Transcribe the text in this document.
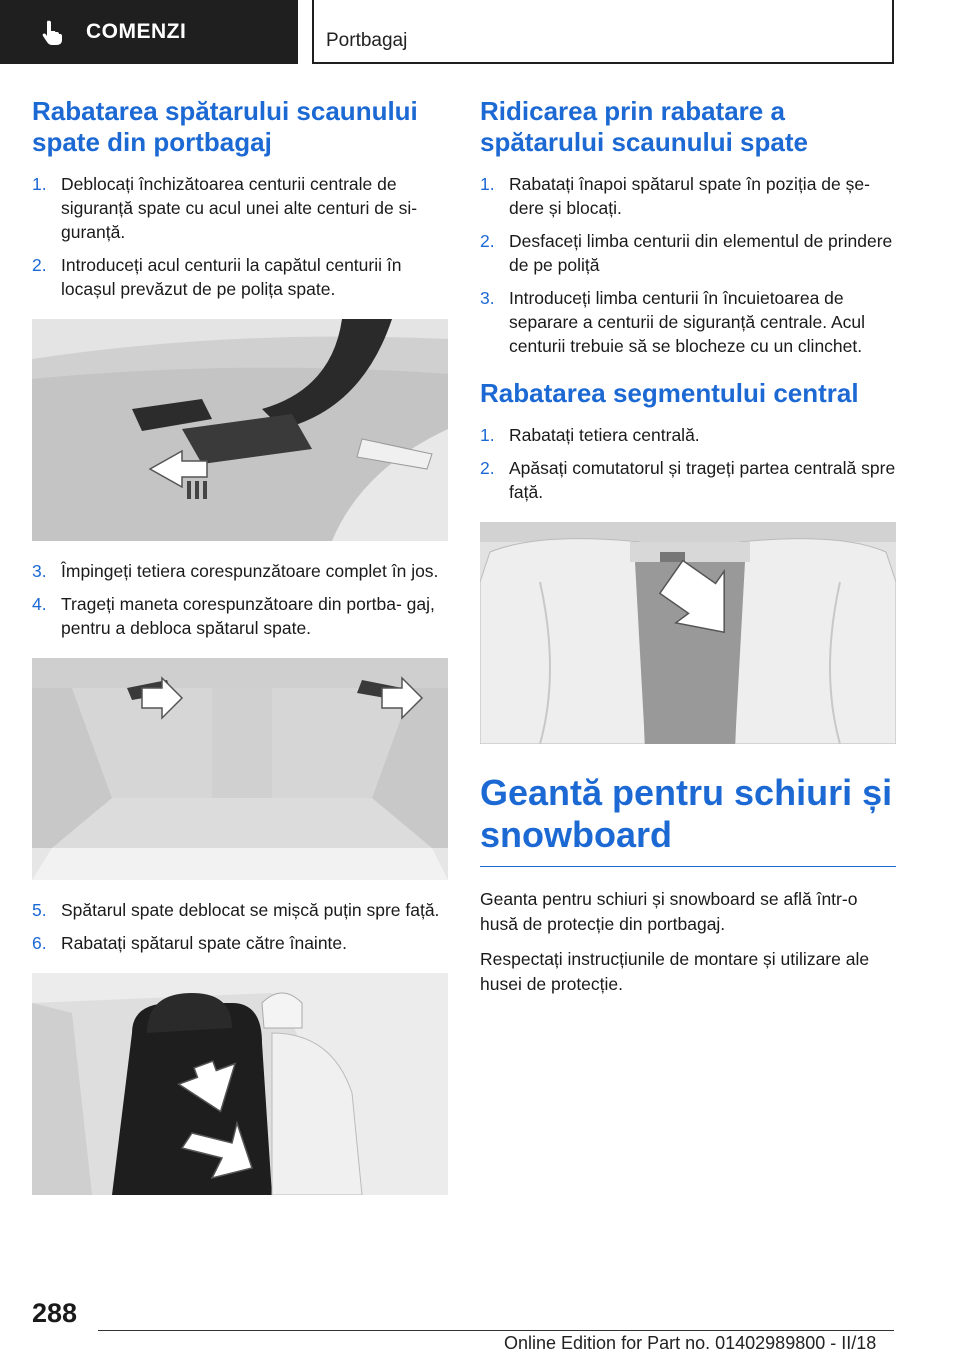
COMENZI	Portbagaj
Rabatarea spătarului scaunului spate din portbagaj
1. Deblocați închizătoarea centurii centrale de siguranță spate cu acul unei alte centuri de si‐ guranță.
2. Introduceți acul centurii la capătul centurii în locașul prevăzut de pe polița spate.
3. Împingeți tetiera corespunzătoare complet în jos.
4. Trageți maneta corespunzătoare din portba‐ gaj, pentru a debloca spătarul spate.
5. Spătarul spate deblocat se mișcă puțin spre față.
6. Rabatați spătarul spate către înainte.
Ridicarea prin rabatare a spătarului scaunului spate
1. Rabatați înapoi spătarul spate în poziția de șe‐ dere și blocați.
2. Desfaceți limba centurii din elementul de prindere de pe poliță
3. Introduceți limba centurii în încuietoarea de separare a centurii de siguranță centrale. Acul centurii trebuie să se blocheze cu un clinchet.
Rabatarea segmentului central
1. Rabatați tetiera centrală.
2. Apăsați comutatorul și trageți partea centrală spre față.
Geantă pentru schiuri și snowboard

Geanta pentru schiuri și snowboard se află într-o husă de protecție din portbagaj.

Respectați instrucțiunile de montare și utilizare ale husei de protecție.

288
Online Edition for Part no. 01402989800 - II/18
